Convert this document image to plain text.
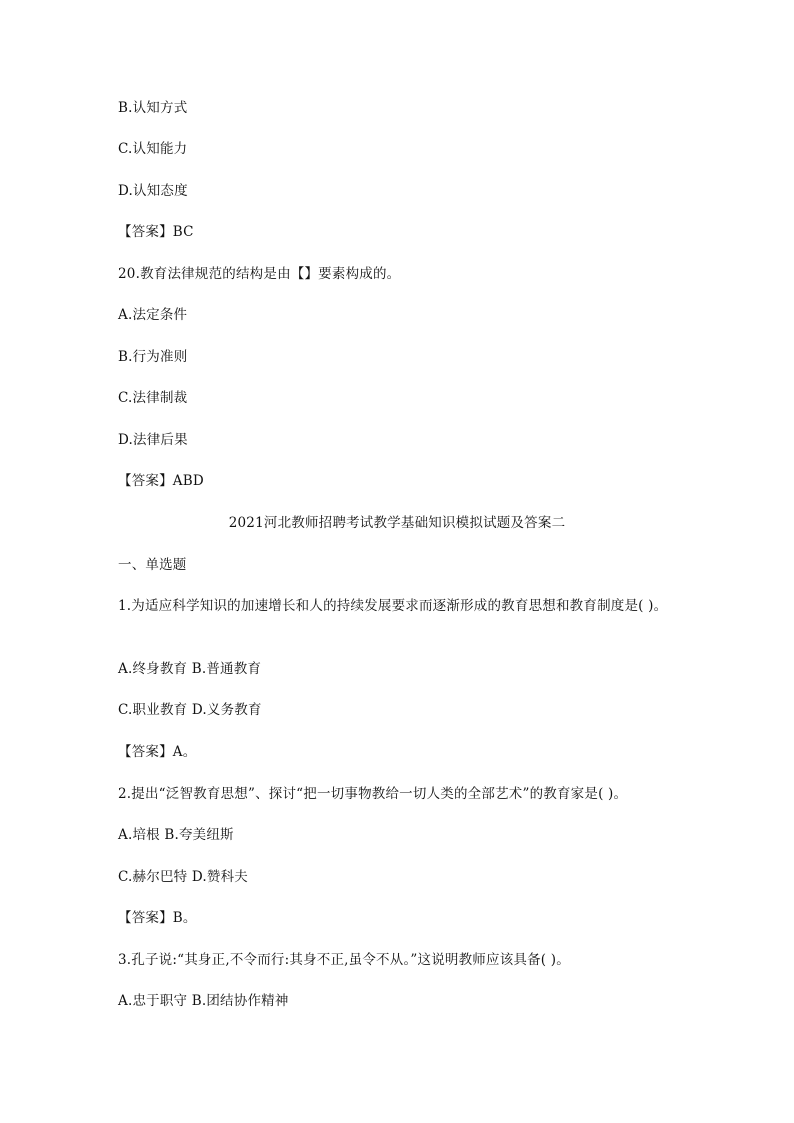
B.认知方式
C.认知能力
D.认知态度
【答案】BC
20.教育法律规范的结构是由【】要素构成的。
A.法定条件
B.行为准则
C.法律制裁
D.法律后果
【答案】ABD
2021河北教师招聘考试教学基础知识模拟试题及答案二
一、单选题
1.为适应科学知识的加速增长和人的持续发展要求而逐渐形成的教育思想和教育制度是( )。
A.终身教育 B.普通教育
C.职业教育 D.义务教育
【答案】A。
2.提出“泛智教育思想”、探讨“把一切事物教给一切人类的全部艺术”的教育家是( )。
A.培根 B.夸美纽斯
C.赫尔巴特 D.赞科夫
【答案】B。
3.孔子说:“其身正,不令而行:其身不正,虽令不从。”这说明教师应该具备( )。
A.忠于职守 B.团结协作精神
